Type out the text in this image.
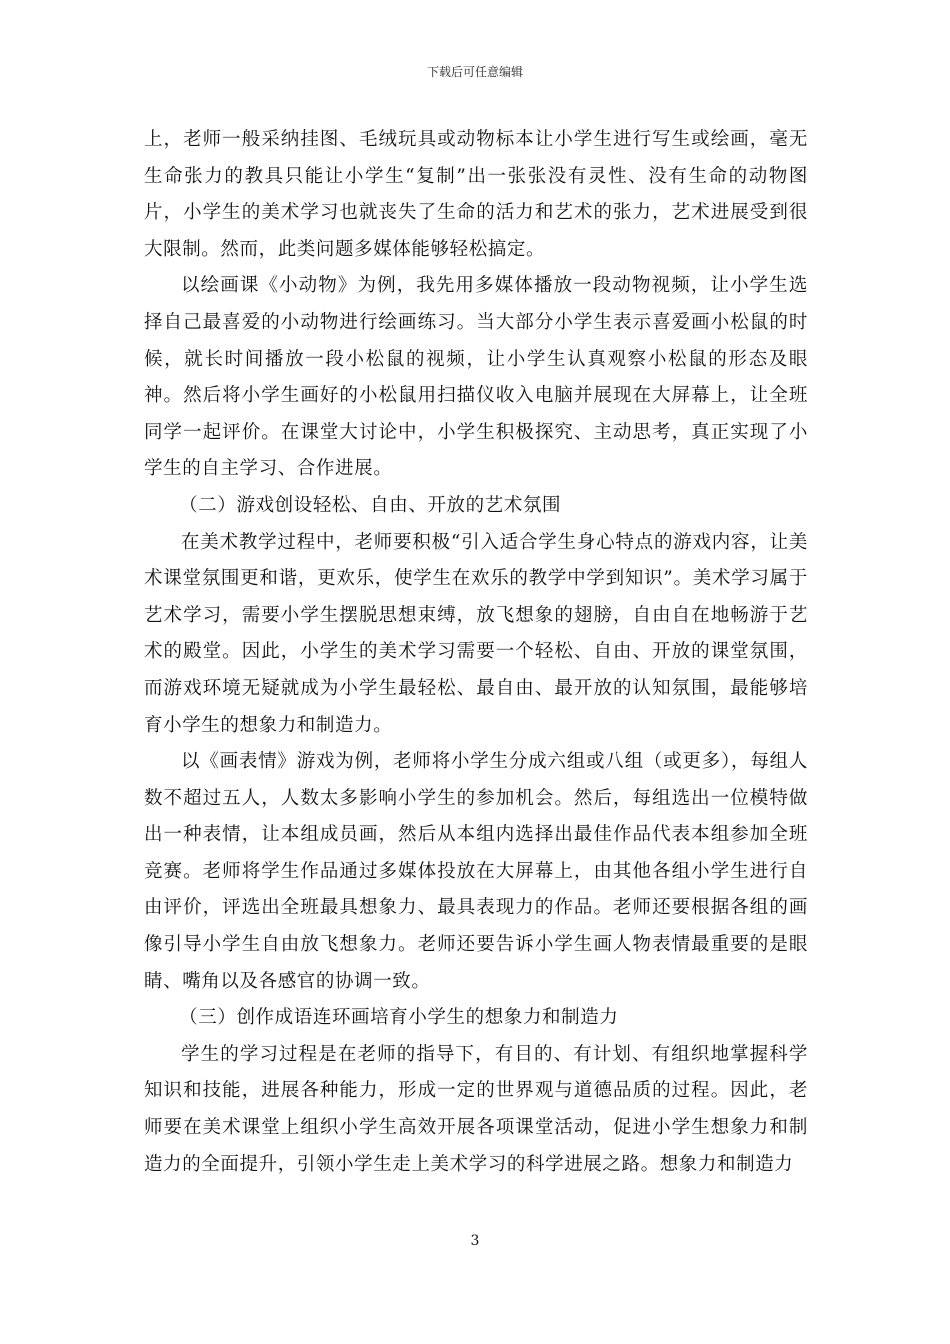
下载后可任意编辑

上，老师一般采纳挂图、毛绒玩具或动物标本让小学生进行写生或绘画，毫无生命张力的教具只能让小学生“复制”出一张张没有灵性、没有生命的动物图片，小学生的美术学习也就丧失了生命的活力和艺术的张力，艺术进展受到很大限制。然而，此类问题多媒体能够轻松搞定。

以绘画课《小动物》为例，我先用多媒体播放一段动物视频，让小学生选择自己最喜爱的小动物进行绘画练习。当大部分小学生表示喜爱画小松鼠的时候，就长时间播放一段小松鼠的视频，让小学生认真观察小松鼠的形态及眼神。然后将小学生画好的小松鼠用扫描仪收入电脑并展现在大屏幕上，让全班同学一起评价。在课堂大讨论中，小学生积极探究、主动思考，真正实现了小学生的自主学习、合作进展。

（二）游戏创设轻松、自由、开放的艺术氛围

在美术教学过程中，老师要积极“引入适合学生身心特点的游戏内容，让美术课堂氛围更和谐，更欢乐，使学生在欢乐的教学中学到知识”。美术学习属于艺术学习，需要小学生摆脱思想束缚，放飞想象的翅膀，自由自在地畅游于艺术的殿堂。因此，小学生的美术学习需要一个轻松、自由、开放的课堂氛围，而游戏环境无疑就成为小学生最轻松、最自由、最开放的认知氛围，最能够培育小学生的想象力和制造力。

以《画表情》游戏为例，老师将小学生分成六组或八组（或更多），每组人数不超过五人，人数太多影响小学生的参加机会。然后，每组选出一位模特做出一种表情，让本组成员画，然后从本组内选择出最佳作品代表本组参加全班竞赛。老师将学生作品通过多媒体投放在大屏幕上，由其他各组小学生进行自由评价，评选出全班最具想象力、最具表现力的作品。老师还要根据各组的画像引导小学生自由放飞想象力。老师还要告诉小学生画人物表情最重要的是眼睛、嘴角以及各感官的协调一致。

（三）创作成语连环画培育小学生的想象力和制造力

学生的学习过程是在老师的指导下，有目的、有计划、有组织地掌握科学知识和技能，进展各种能力，形成一定的世界观与道德品质的过程。因此，老师要在美术课堂上组织小学生高效开展各项课堂活动，促进小学生想象力和制造力的全面提升，引领小学生走上美术学习的科学进展之路。想象力和制造力

3
